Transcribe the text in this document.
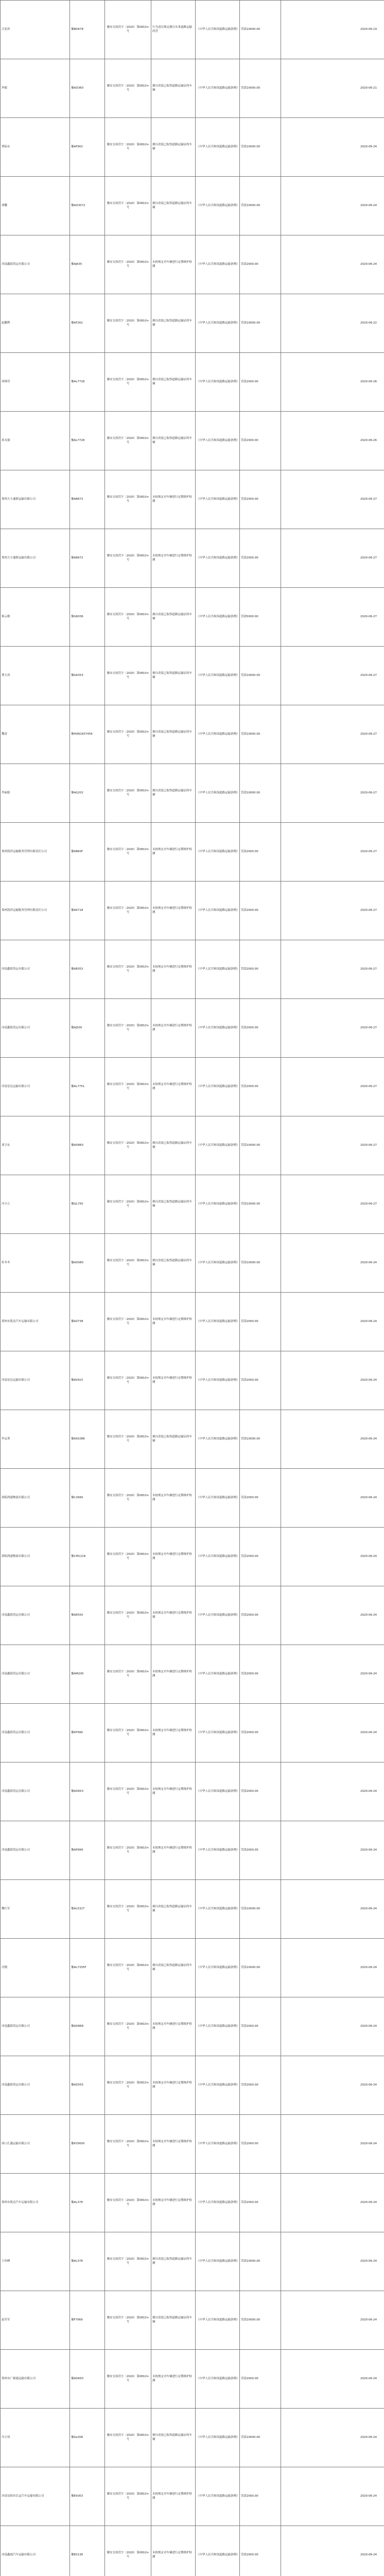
吕亚滨	豫BD678	豫安交执罚字〔2020〕第0810×号	行为违反规定擅自从事道路运输经营	《中华人民共和国道路运输条例》	罚款10000.00	2020-06-19
李毅	豫AD360	豫安交执罚字〔2020〕第0810×号	擅自改装已取得道路运输证的车辆	《中华人民共和国道路运输条例》	罚款10000.00	2020-06-21
贾际东	豫AF902	豫安交执罚字〔2020〕第0810×号	擅自改装已取得道路运输证的车辆	《中华人民共和国道路运输条例》	罚款10000.00	2020-06-24
胡鹏	豫AD3072	豫安交执罚字〔2020〕第0810×号	擅自改装已取得道路运输证的车辆	《中华人民共和国道路运输条例》	罚款10000.00	2020-06-24
河南鑫海货运有限公司	豫AJ635	豫安交执罚字〔2020〕第0810×号	未按规定对车辆进行定期维护检测	《中华人民共和国道路运输条例》	罚款2000.00	2020-06-24
赵鹏利	豫AF262	豫安交执罚字〔2020〕第0810×号	擅自改装已取得道路运输证的车辆	《中华人民共和国道路运输条例》	罚款10000.00	2020-06-22
周维营	豫AL7728	豫安交执罚字〔2020〕第0810×号	擅自改装已取得道路运输证的车辆	《中华人民共和国道路运输条例》	罚款2000.00	2020-06-26
孙永强	豫AL7728	豫安交执罚字〔2020〕第0810×号	擅自改装已取得道路运输证的车辆	《中华人民共和国道路运输条例》	罚款2000.00	2020-06-26
郑州大小通联运输有限公司	豫AB972	豫安交执罚字〔2020〕第0810×号	未按规定对车辆进行定期维护检测	《中华人民共和国道路运输条例》	罚款2000.00	2020-06-27
郑州大小通联运输有限公司	豫AB972	豫安交执罚字〔2020〕第0810×号	未按规定对车辆进行定期维护检测	《中华人民共和国道路运输条例》	罚款2000.00	2020-06-27
杨云敏	豫G6036	豫安交执罚字〔2020〕第0810×号	擅自改装已取得道路运输证的车辆	《中华人民共和国道路运输条例》	罚款5000.00	2020-06-27
曹天真	豫G6353	豫安交执罚字〔2020〕第0810×号	擅自改装已取得道路运输证的车辆	《中华人民共和国道路运输条例》	罚款10000.00	2020-06-27
魏涛	豫H0N1837456	豫安交执罚字〔2020〕第0810×号	擅自改装已取得道路运输证的车辆	《中华人民共和国道路运输条例》	罚款10000.00	2020-06-27
李丽娟	豫AG202	豫安交执罚字〔2020〕第0810×号	擅自改装已取得道路运输证的车辆	《中华人民共和国道路运输条例》	罚款10000.00	2020-06-27
郑州凯祥运输服务管理有限责任公司	豫AB60F	豫安交执罚字〔2020〕第0810×号	未按规定对车辆进行定期维护检测	《中华人民共和国道路运输条例》	罚款2000.00	2020-06-27
郑州凯祥运输服务管理有限责任公司	豫AK718	豫安交执罚字〔2020〕第0810×号	未按规定对车辆进行定期维护检测	《中华人民共和国道路运输条例》	罚款2000.00	2020-06-27
河南鑫海货运有限公司	豫AE053	豫安交执罚字〔2020〕第0810×号	未按规定对车辆进行定期维护检测	《中华人民共和国道路运输条例》	罚款2000.00	2020-06-27
河南鑫海货运有限公司	豫AJ500	豫安交执罚字〔2020〕第0810×号	未按规定对车辆进行定期维护检测	《中华人民共和国道路运输条例》	罚款2000.00	2020-06-27
河南星达运输有限公司	豫AL7751	豫安交执罚字〔2020〕第0810×号	未按规定对车辆进行定期维护检测	《中华人民共和国道路运输条例》	罚款2000.00	2020-06-27
刘卫东	豫AD883	豫安交执罚字〔2020〕第0810×号	擅自改装已取得道路运输证的车辆	《中华人民共和国道路运输条例》	罚款10000.00	2020-06-27
冯小立	豫GL750	豫安交执罚字〔2020〕第0810×号	擅自改装已取得道路运输证的车辆	《中华人民共和国道路运输条例》	罚款10000.00	2020-06-27
杜冬冬	豫AD080	豫安交执罚字〔2020〕第0810×号	擅自改装已取得道路运输证的车辆	《中华人民共和国道路运输条例》	罚款10000.00	2020-06-24
郑州市凯达汽车运输有限公司	豫AZ738	豫安交执罚字〔2020〕第0810×号	未按规定对车辆进行定期维护检测	《中华人民共和国道路运输条例》	罚款2000.00	2020-06-24
河南星达运输有限公司	豫AV915	豫安交执罚字〔2020〕第0810×号	未按规定对车辆进行定期维护检测	《中华人民共和国道路运输条例》	罚款2000.00	2020-06-24
李志勇	豫A91088	豫安交执罚字〔2020〕第0810×号	擅自改装已取得道路运输证的车辆	《中华人民共和国道路运输条例》	罚款10000.00	2020-06-24
洛阳鸿通物流有限公司	豫C2660	豫安交执罚字〔2020〕第0810×号	未按规定对车辆进行定期维护检测	《中华人民共和国道路运输条例》	罚款2000.00	2020-06-24
洛阳鸿通物流有限公司	豫CM1218	豫安交执罚字〔2020〕第0810×号	未按规定对车辆进行定期维护检测	《中华人民共和国道路运输条例》	罚款2000.00	2020-06-24
河南鑫海货运有限公司	豫AE550	豫安交执罚字〔2020〕第0810×号	未按规定对车辆进行定期维护检测	《中华人民共和国道路运输条例》	罚款2000.00	2020-06-24
河南鑫海货运有限公司	豫AM200	豫安交执罚字〔2020〕第0810×号	未按规定对车辆进行定期维护检测	《中华人民共和国道路运输条例》	罚款2000.00	2020-06-24
河南鑫海货运有限公司	豫AT999	豫安交执罚字〔2020〕第0810×号	未按规定对车辆进行定期维护检测	《中华人民共和国道路运输条例》	罚款2000.00	2020-06-24
河南鑫海货运有限公司	豫AD653	豫安交执罚字〔2020〕第0810×号	未按规定对车辆进行定期维护检测	《中华人民共和国道路运输条例》	罚款2000.00	2020-06-24
河南鑫海货运有限公司	豫AP999	豫安交执罚字〔2020〕第0810×号	未按规定对车辆进行定期维护检测	《中华人民共和国道路运输条例》	罚款2000.00	2020-06-24
魏红军	豫AL5327	豫安交执罚字〔2020〕第0810×号	擅自改装已取得道路运输证的车辆	《中华人民共和国道路运输条例》	罚款10000.00	2020-06-24
冯刚	豫AL7335F	豫安交执罚字〔2020〕第0810×号	擅自改装已取得道路运输证的车辆	《中华人民共和国道路运输条例》	罚款10000.00	2020-06-24
河南鑫海货运有限公司	豫AD868	豫安交执罚字〔2020〕第0810×号	未按规定对车辆进行定期维护检测	《中华人民共和国道路运输条例》	罚款2000.00	2020-06-24
河南鑫海货运有限公司	豫AD555	豫安交执罚字〔2020〕第0810×号	未按规定对车辆进行定期维护检测	《中华人民共和国道路运输条例》	罚款2000.00	2020-06-24
周口汇鑫运输有限公司	豫P25600	豫安交执罚字〔2020〕第0810×号	未按规定对车辆进行定期维护检测	《中华人民共和国道路运输条例》	罚款2000.00	2020-06-24
郑州市凯达汽车运输有限公司	豫AL378	豫安交执罚字〔2020〕第0810×号	未按规定对车辆进行定期维护检测	《中华人民共和国道路运输条例》	罚款2000.00	2020-06-24
王伟峰	豫AL378	豫安交执罚字〔2020〕第0810×号	擅自改装已取得道路运输证的车辆	《中华人民共和国道路运输条例》	罚款10000.00	2020-06-24
赵军军	豫F7969	豫安交执罚字〔2020〕第0810×号	擅自改装已取得道路运输证的车辆	《中华人民共和国道路运输条例》	罚款10000.00	2020-06-24
郑州市广源通运输有限公司	豫AD650	豫安交执罚字〔2020〕第0810×号	未按规定对车辆进行定期维护检测	《中华人民共和国道路运输条例》	罚款2000.00	2020-06-24
冯立伟	豫GL006	豫安交执罚字〔2020〕第0810×号	擅自改装已取得道路运输证的车辆	《中华人民共和国道路运输条例》	罚款10000.00	2020-06-24
河南安阳市长运汽车运输有限公司	豫E5003	豫安交执罚字〔2020〕第0810×号	未按规定对车辆进行定期维护检测	《中华人民共和国道路运输条例》	罚款2000.00	2020-06-24
河南鑫晟汽车运输有限公司	豫E0138	豫安交执罚字〔2020〕第0810×号	未按规定对车辆进行定期维护检测	《中华人民共和国道路运输条例》	罚款2000.00	2020-06-24
